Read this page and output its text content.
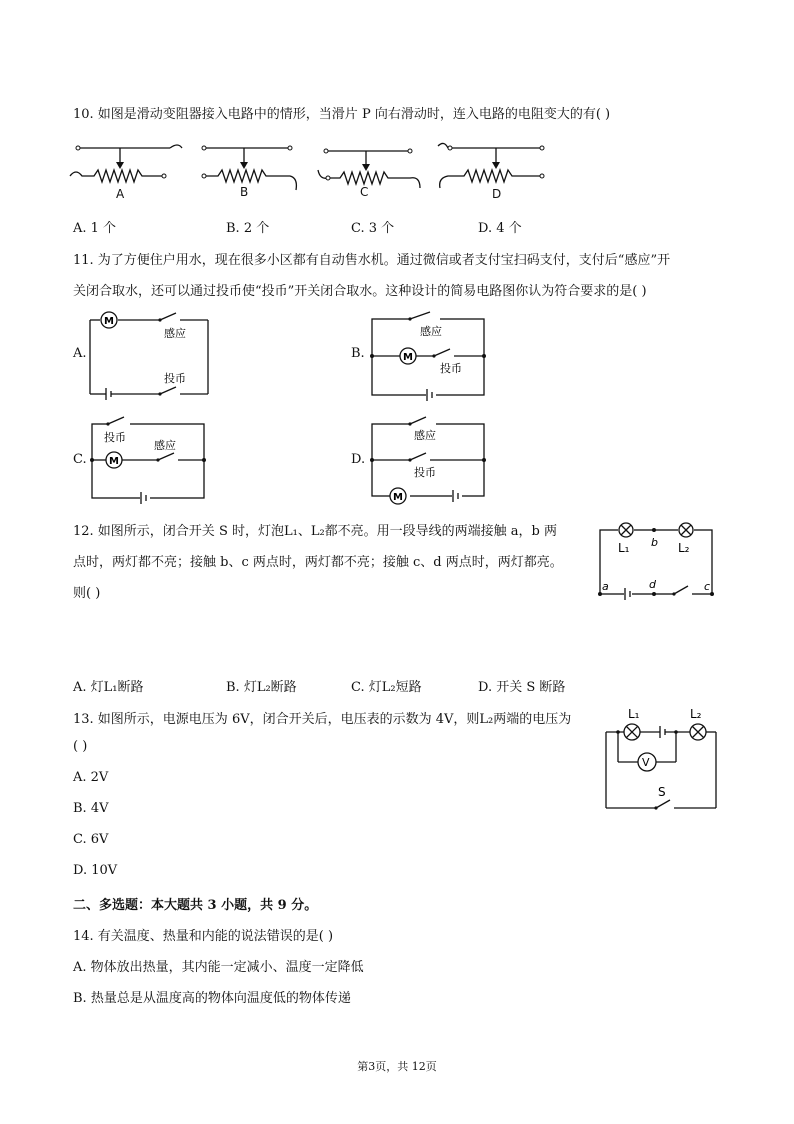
10. 如图是滑动变阻器接入电路中的情形，当滑片 P 向右滑动时，连入电路的电阻变大的有( )
A	B	C	D
A. 1 个	B. 2 个	C. 3 个	D. 4 个
11. 为了方便住户用水，现在很多小区都有自动售水机。通过微信或者支付宝扫码支付，支付后“感应”开
关闭合取水，还可以通过投币使“投币”开关闭合取水。这种设计的简易电路图你认为符合要求的是( )
A.
M
感应
投币
B.
感应
M
投币
C.
投币
M
感应
D.
感应
投币
M
12. 如图所示，闭合开关 S 时，灯泡L₁、L₂都不亮。用一段导线的两端接触 a，b 两
点时，两灯都不亮；接触 b、c 两点时，两灯都不亮；接触 c、d 两点时，两灯都亮。
则( )
L₁ b L₂
a	d	c
A. 灯L₁断路	B. 灯L₂断路	C. 灯L₂短路	D. 开关 S 断路
13. 如图所示，电源电压为 6V，闭合开关后，电压表的示数为 4V，则L₂两端的电压为
( )
A. 2V
B. 4V
C. 6V
D. 10V
L₁	L₂
V
S
二、多选题：本大题共 3 小题，共 9 分。
14. 有关温度、热量和内能的说法错误的是( )
A. 物体放出热量，其内能一定减小、温度一定降低
B. 热量总是从温度高的物体向温度低的物体传递
第3页，共 12页
